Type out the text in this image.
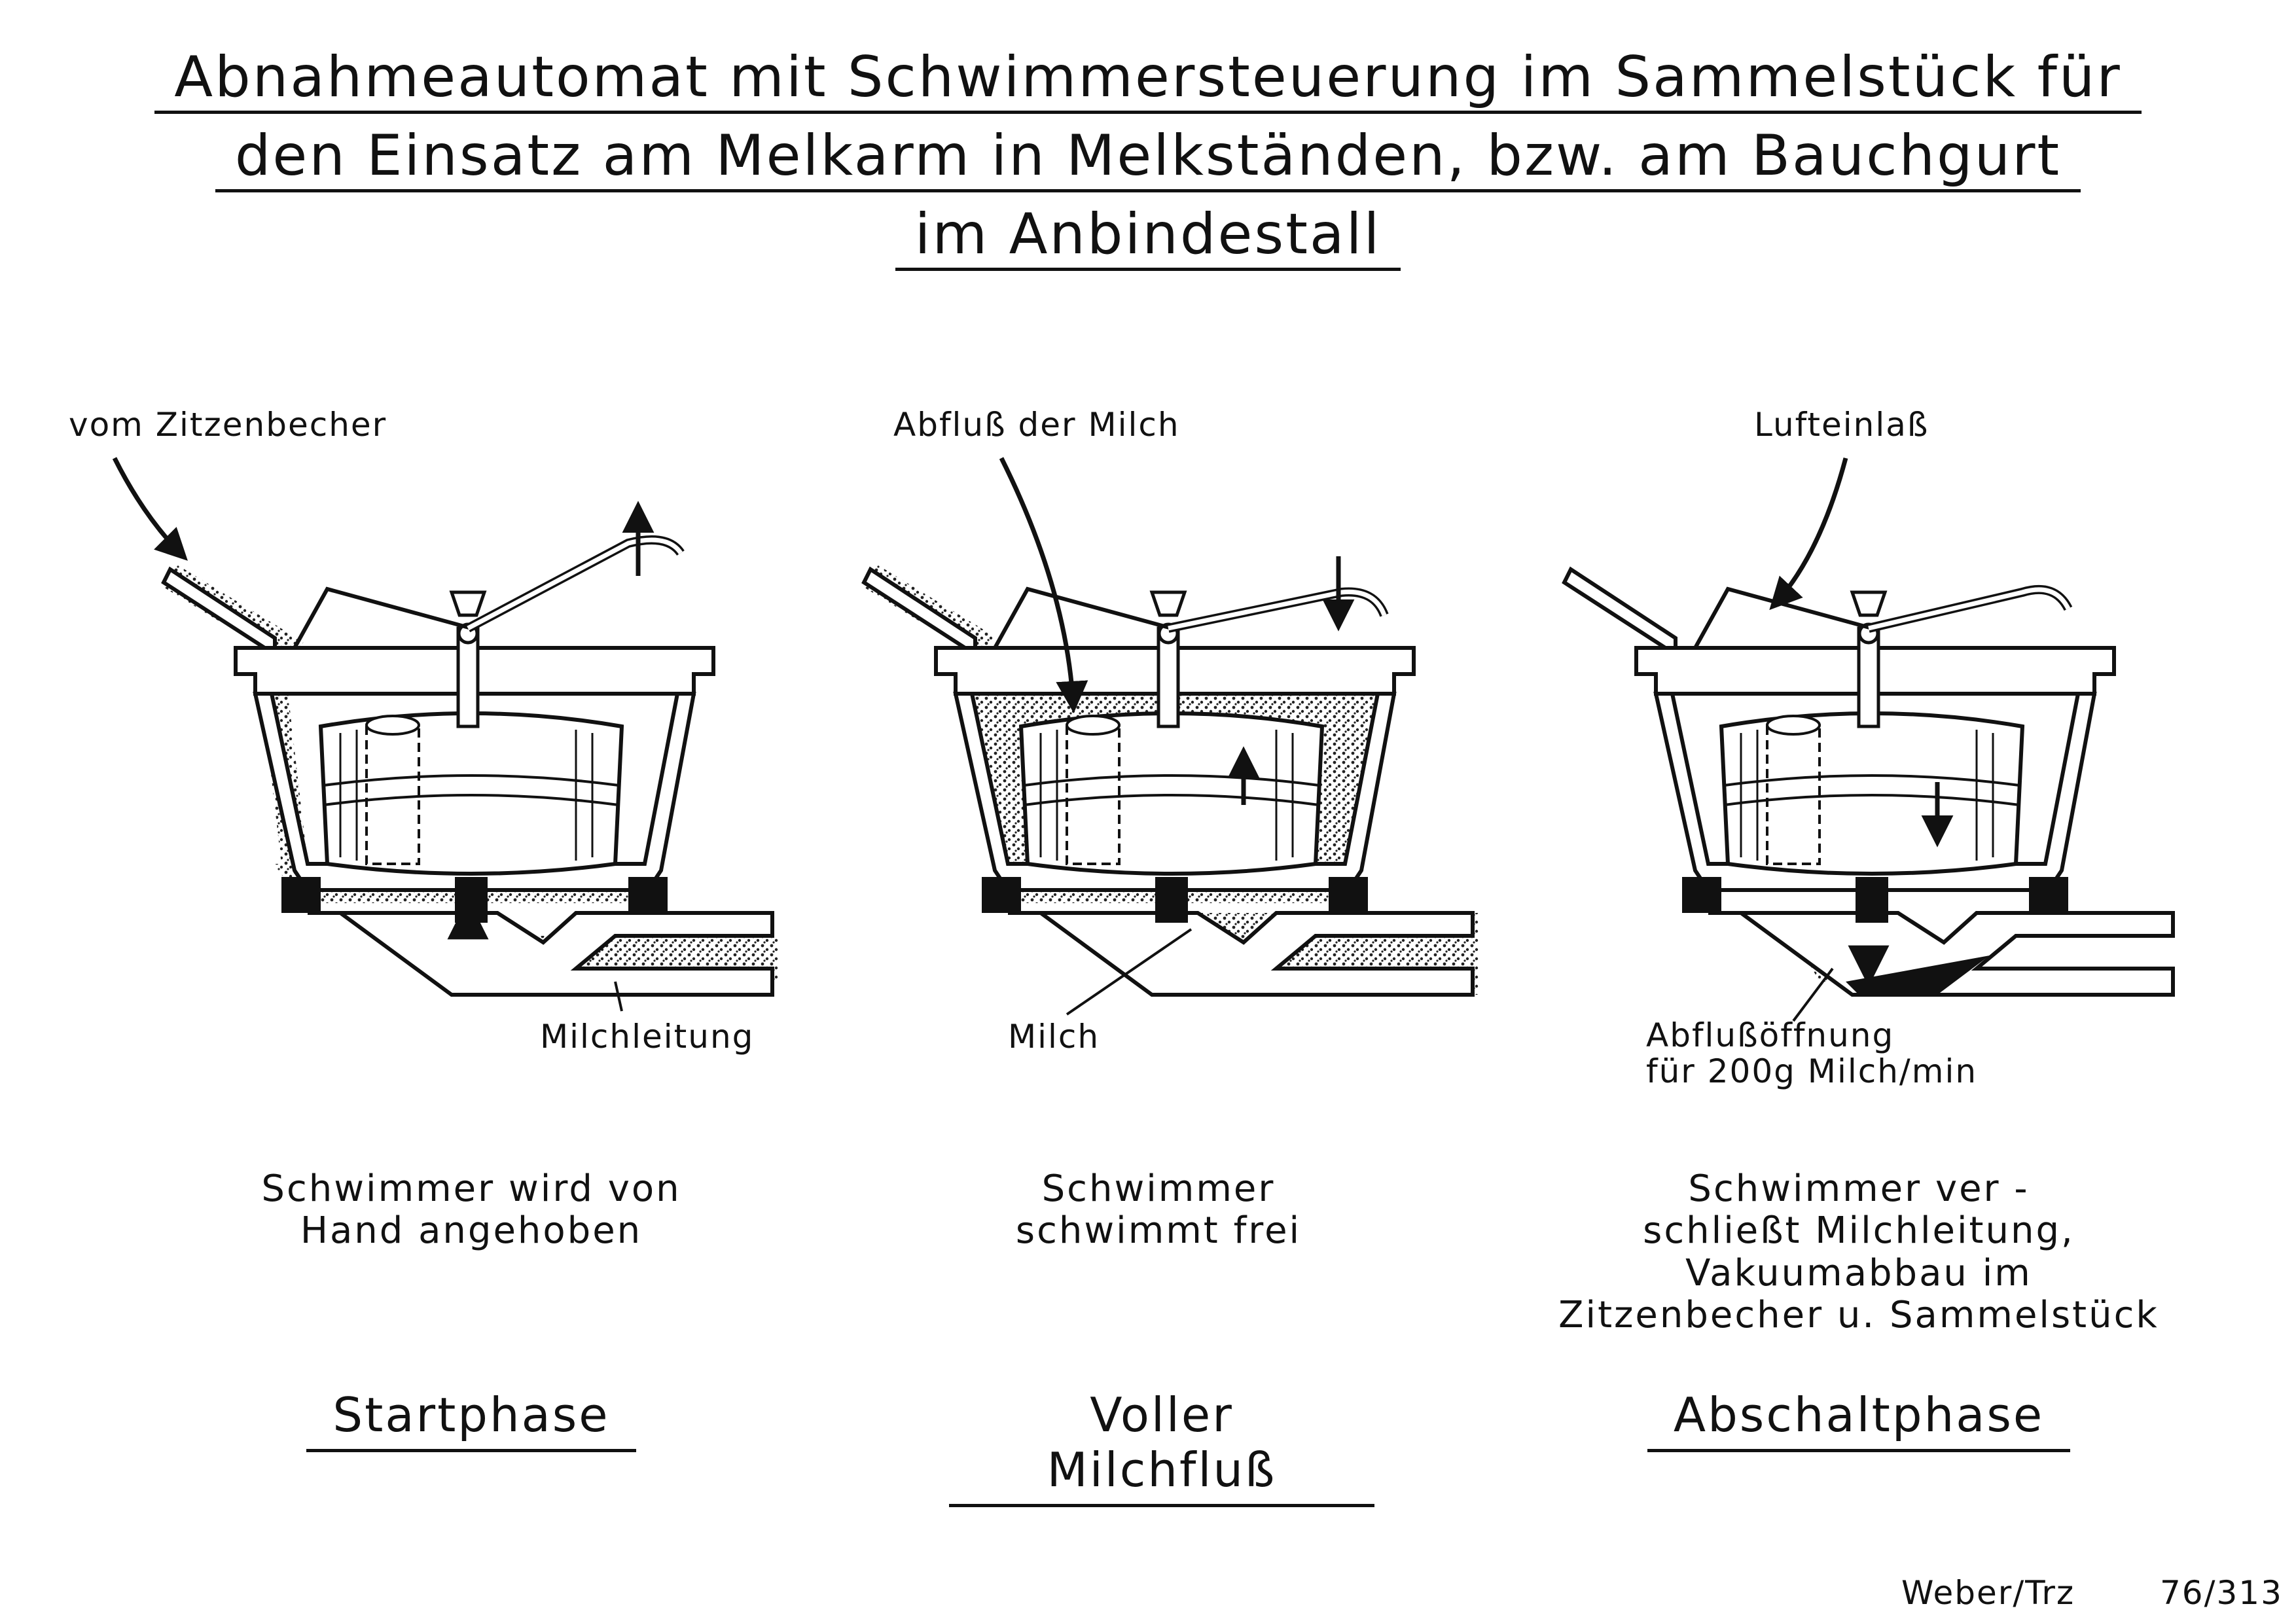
Abnahmeautomat mit Schwimmersteuerung im Sammelstück für
den Einsatz am Melkarm in Melkständen, bzw. am Bauchgurt
im Anbindestall
vom Zitzenbecher
Milchleitung
Schwimmer wird von
Hand angehoben
Startphase
Abfluß der Milch
Milch
Schwimmer
schwimmt frei
Voller Milchfluß
Lufteinlaß
Abflußöffnung
für 200g Milch/min
Schwimmer ver -
schließt Milchleitung,
Vakuumabbau im
Zitzenbecher u. Sammelstück
Abschaltphase
Weber/Trz	76/313
